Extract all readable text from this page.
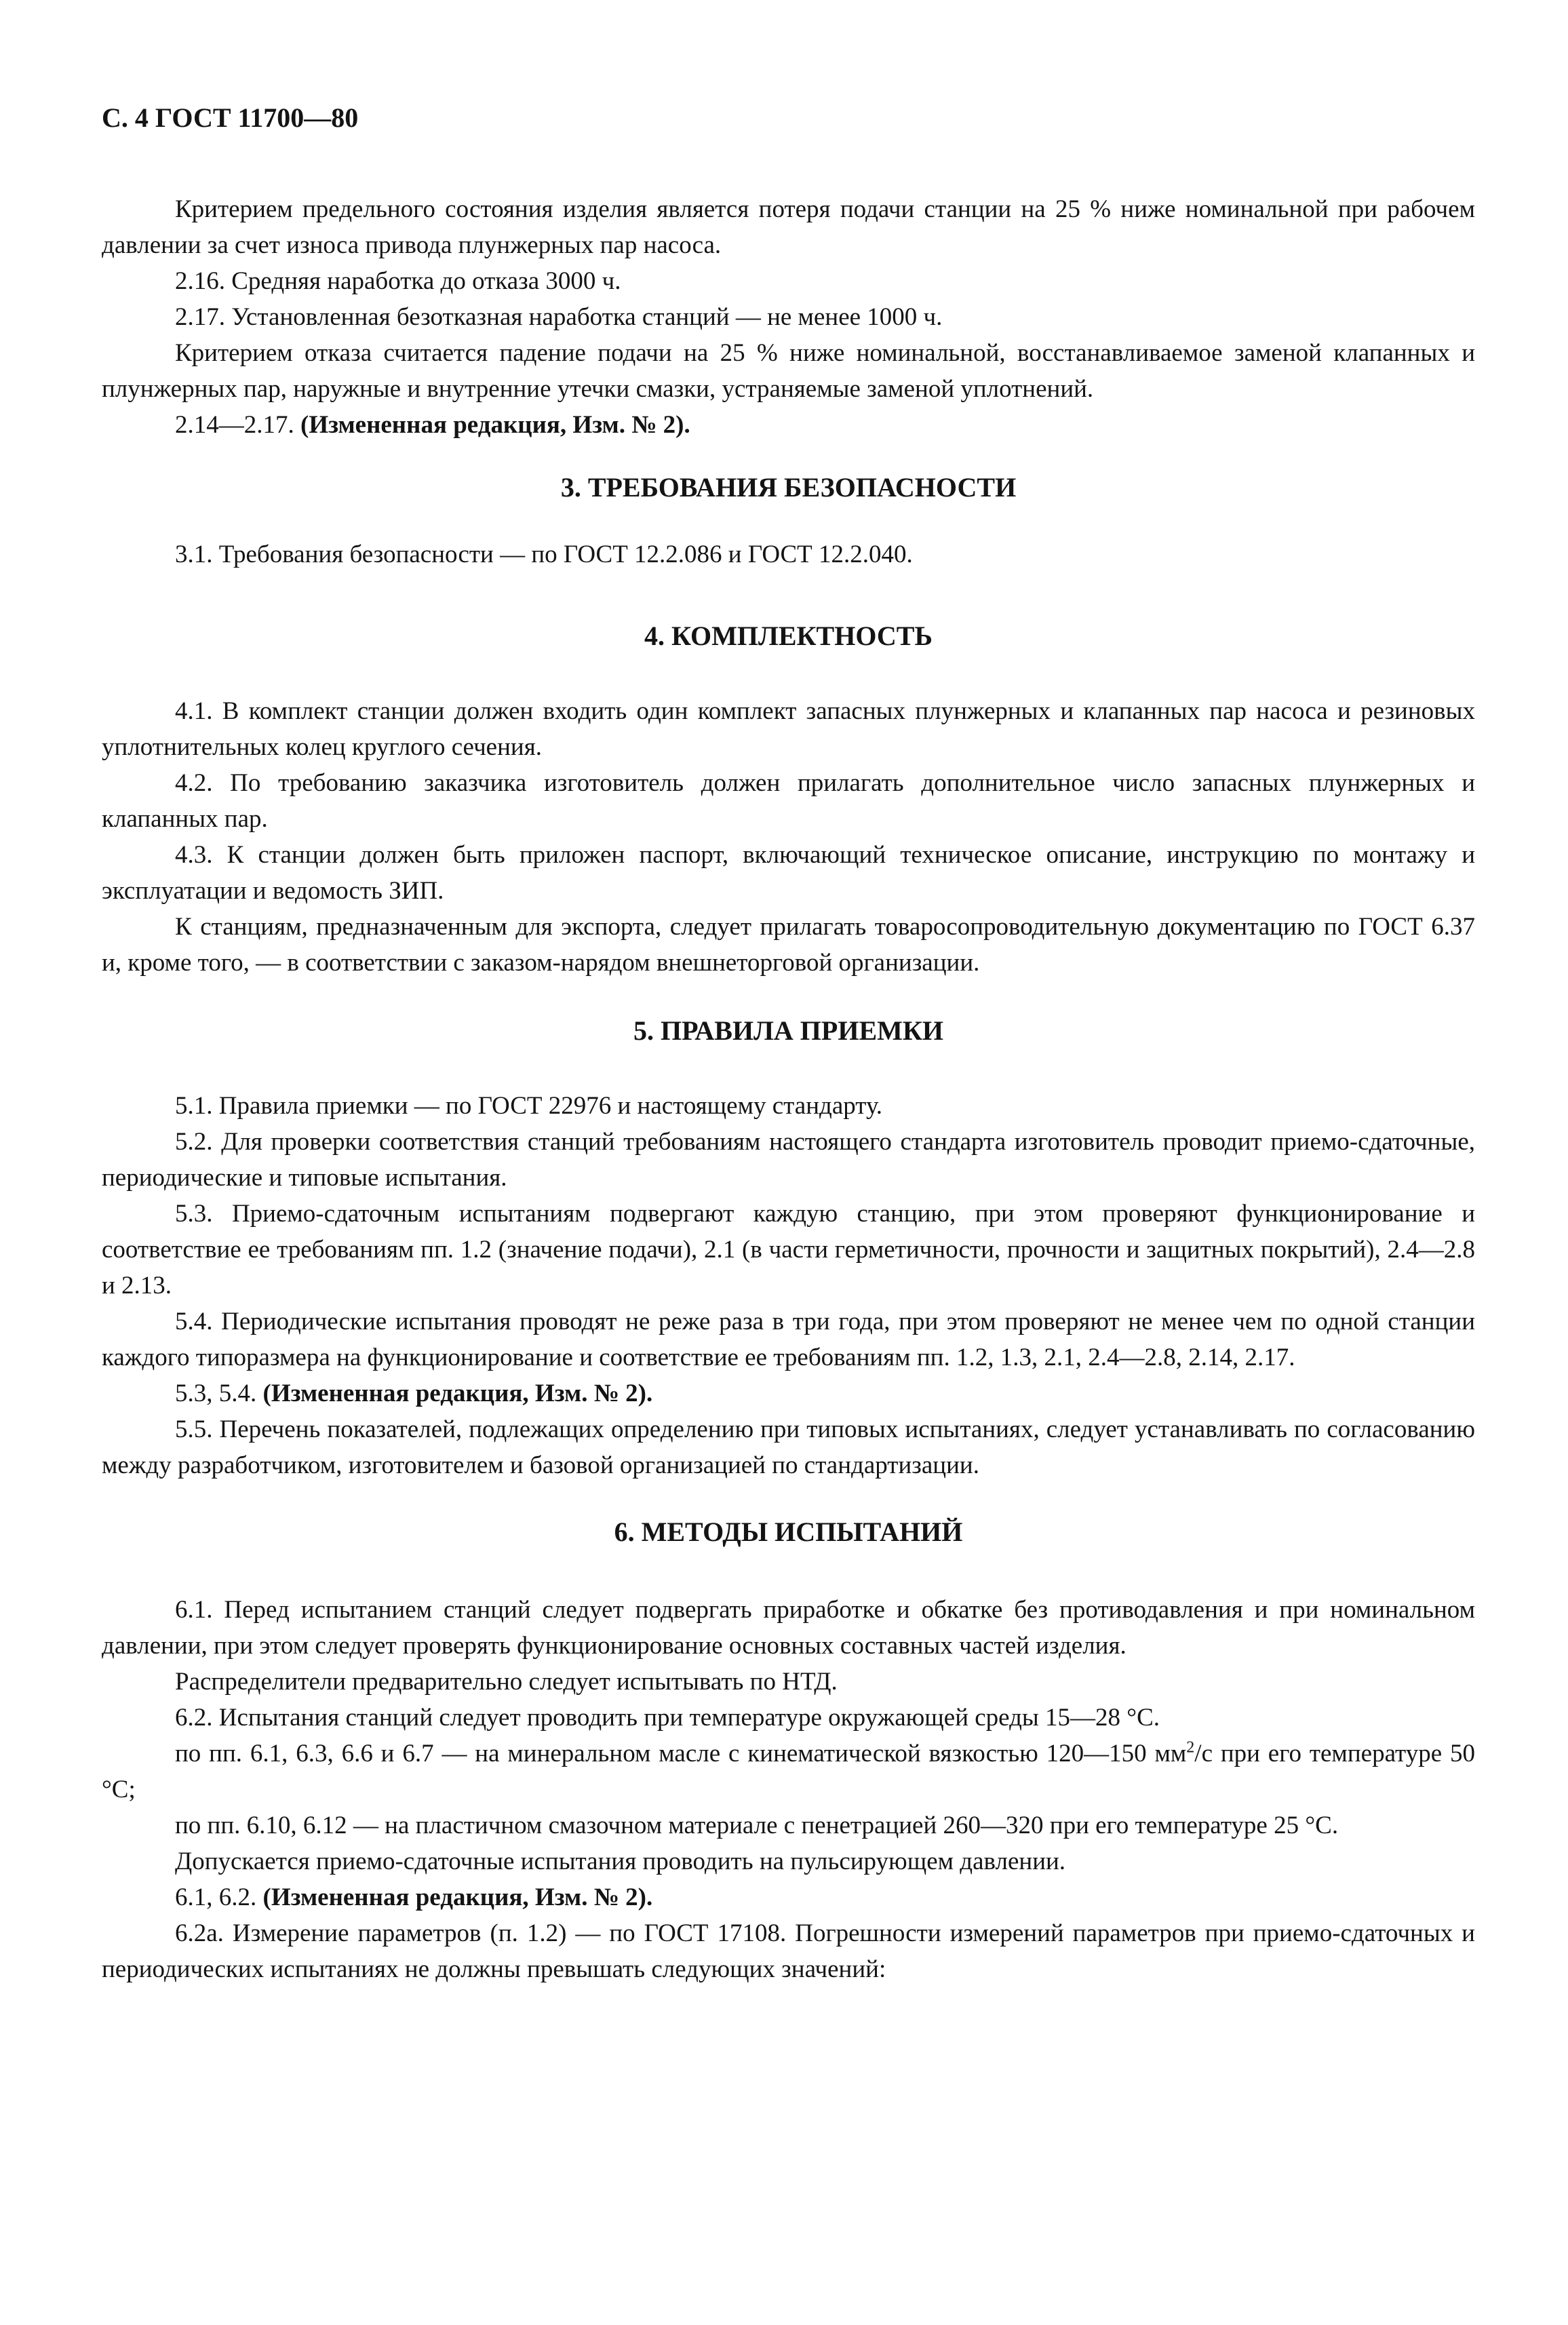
С. 4 ГОСТ 11700—80

Критерием предельного состояния изделия является потеря подачи станции на 25 % ниже номинальной при рабочем давлении за счет износа привода плунжерных пар насоса.

2.16. Средняя наработка до отказа 3000 ч.

2.17. Установленная безотказная наработка станций — не менее 1000 ч.

Критерием отказа считается падение подачи на 25 % ниже номинальной, восстанавливаемое заменой клапанных и плунжерных пар, наружные и внутренние утечки смазки, устраняемые заменой уплотнений.

2.14—2.17. (Измененная редакция, Изм. № 2).

3. ТРЕБОВАНИЯ БЕЗОПАСНОСТИ

3.1. Требования безопасности — по ГОСТ 12.2.086 и ГОСТ 12.2.040.

4. КОМПЛЕКТНОСТЬ

4.1. В комплект станции должен входить один комплект запасных плунжерных и клапанных пар насоса и резиновых уплотнительных колец круглого сечения.

4.2. По требованию заказчика изготовитель должен прилагать дополнительное число запасных плунжерных и клапанных пар.

4.3. К станции должен быть приложен паспорт, включающий техническое описание, инструкцию по монтажу и эксплуатации и ведомость ЗИП.

К станциям, предназначенным для экспорта, следует прилагать товаросопроводительную документацию по ГОСТ 6.37 и, кроме того, — в соответствии с заказом-нарядом внешнеторговой организации.

5. ПРАВИЛА ПРИЕМКИ

5.1. Правила приемки — по ГОСТ 22976 и настоящему стандарту.

5.2. Для проверки соответствия станций требованиям настоящего стандарта изготовитель проводит приемо-сдаточные, периодические и типовые испытания.

5.3. Приемо-сдаточным испытаниям подвергают каждую станцию, при этом проверяют функционирование и соответствие ее требованиям пп. 1.2 (значение подачи), 2.1 (в части герметичности, прочности и защитных покрытий), 2.4—2.8 и 2.13.

5.4. Периодические испытания проводят не реже раза в три года, при этом проверяют не менее чем по одной станции каждого типоразмера на функционирование и соответствие ее требованиям пп. 1.2, 1.3, 2.1, 2.4—2.8, 2.14, 2.17.

5.3, 5.4. (Измененная редакция, Изм. № 2).

5.5. Перечень показателей, подлежащих определению при типовых испытаниях, следует устанавливать по согласованию между разработчиком, изготовителем и базовой организацией по стандартизации.

6. МЕТОДЫ ИСПЫТАНИЙ

6.1. Перед испытанием станций следует подвергать приработке и обкатке без противодавления и при номинальном давлении, при этом следует проверять функционирование основных составных частей изделия.

Распределители предварительно следует испытывать по НТД.

6.2. Испытания станций следует проводить при температуре окружающей среды 15—28 °С.

по пп. 6.1, 6.3, 6.6 и 6.7 — на минеральном масле с кинематической вязкостью 120—150 $мм^2/с$ при его температуре 50 °С;

по пп. 6.10, 6.12 — на пластичном смазочном материале с пенетрацией 260—320 при его температуре 25 °С.

Допускается приемо-сдаточные испытания проводить на пульсирующем давлении.

6.1, 6.2. (Измененная редакция, Изм. № 2).

6.2а. Измерение параметров (п. 1.2) — по ГОСТ 17108. Погрешности измерений параметров при приемо-сдаточных и периодических испытаниях не должны превышать следующих значений:
